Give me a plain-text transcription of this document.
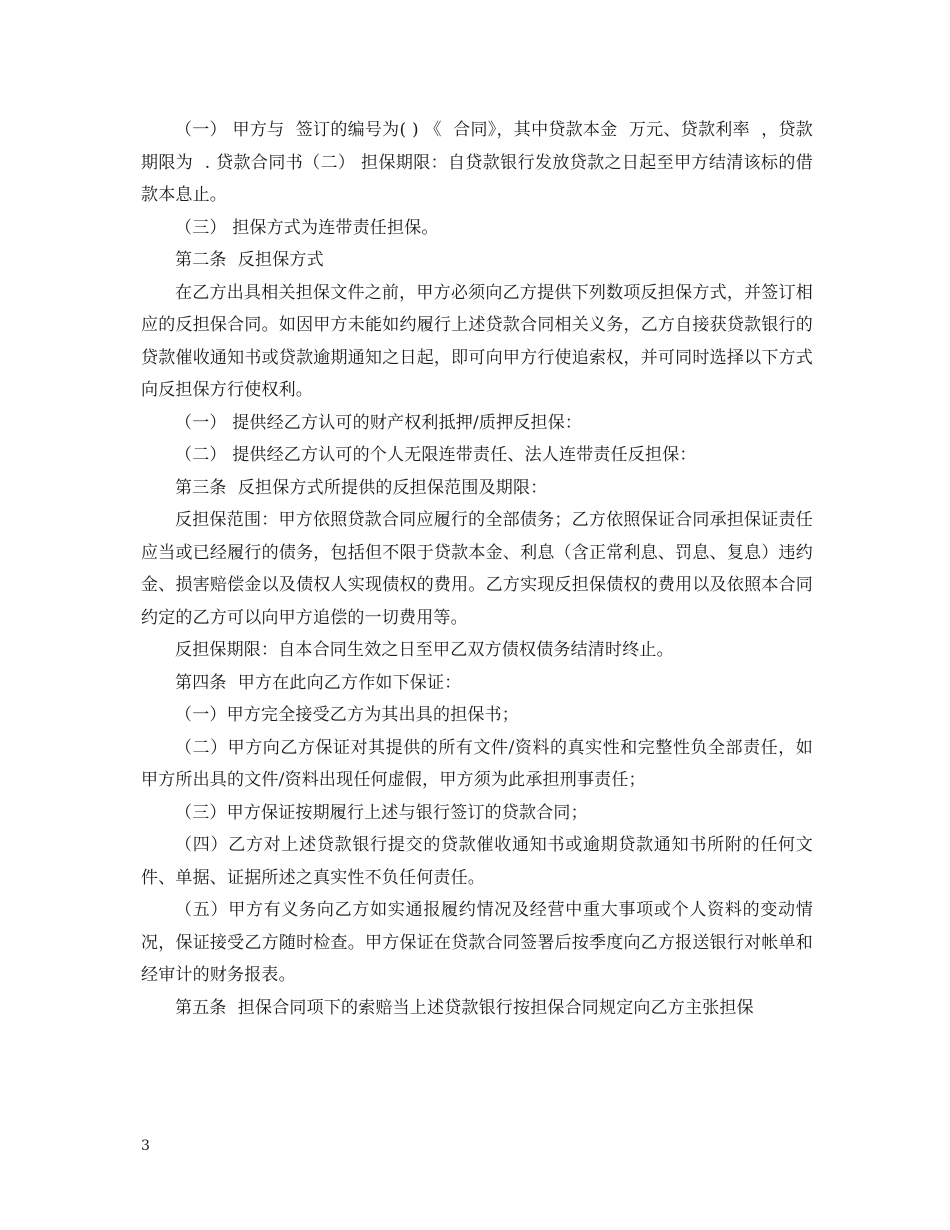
（一） 甲方与  签订的编号为( ) 《  合同》，其中贷款本金  万元、贷款利率  ，贷款期限为  . 贷款合同书（二） 担保期限：自贷款银行发放贷款之日起至甲方结清该标的借款本息止。

（三） 担保方式为连带责任担保。

第二条  反担保方式

在乙方出具相关担保文件之前，甲方必须向乙方提供下列数项反担保方式，并签订相应的反担保合同。如因甲方未能如约履行上述贷款合同相关义务，乙方自接获贷款银行的贷款催收通知书或贷款逾期通知之日起，即可向甲方行使追索权，并可同时选择以下方式向反担保方行使权利。

（一） 提供经乙方认可的财产权利抵押/质押反担保：

（二） 提供经乙方认可的个人无限连带责任、法人连带责任反担保：

第三条  反担保方式所提供的反担保范围及期限：

反担保范围：甲方依照贷款合同应履行的全部债务；乙方依照保证合同承担保证责任应当或已经履行的债务，包括但不限于贷款本金、利息（含正常利息、罚息、复息）违约金、损害赔偿金以及债权人实现债权的费用。乙方实现反担保债权的费用以及依照本合同约定的乙方可以向甲方追偿的一切费用等。

反担保期限：自本合同生效之日至甲乙双方债权债务结清时终止。

第四条  甲方在此向乙方作如下保证：

（一）甲方完全接受乙方为其出具的担保书；

（二）甲方向乙方保证对其提供的所有文件/资料的真实性和完整性负全部责任，如甲方所出具的文件/资料出现任何虚假，甲方须为此承担刑事责任；

（三）甲方保证按期履行上述与银行签订的贷款合同；

（四）乙方对上述贷款银行提交的贷款催收通知书或逾期贷款通知书所附的任何文件、单据、证据所述之真实性不负任何责任。

（五）甲方有义务向乙方如实通报履约情况及经营中重大事项或个人资料的变动情况，保证接受乙方随时检查。甲方保证在贷款合同签署后按季度向乙方报送银行对帐单和经审计的财务报表。

第五条  担保合同项下的索赔当上述贷款银行按担保合同规定向乙方主张担保

3
